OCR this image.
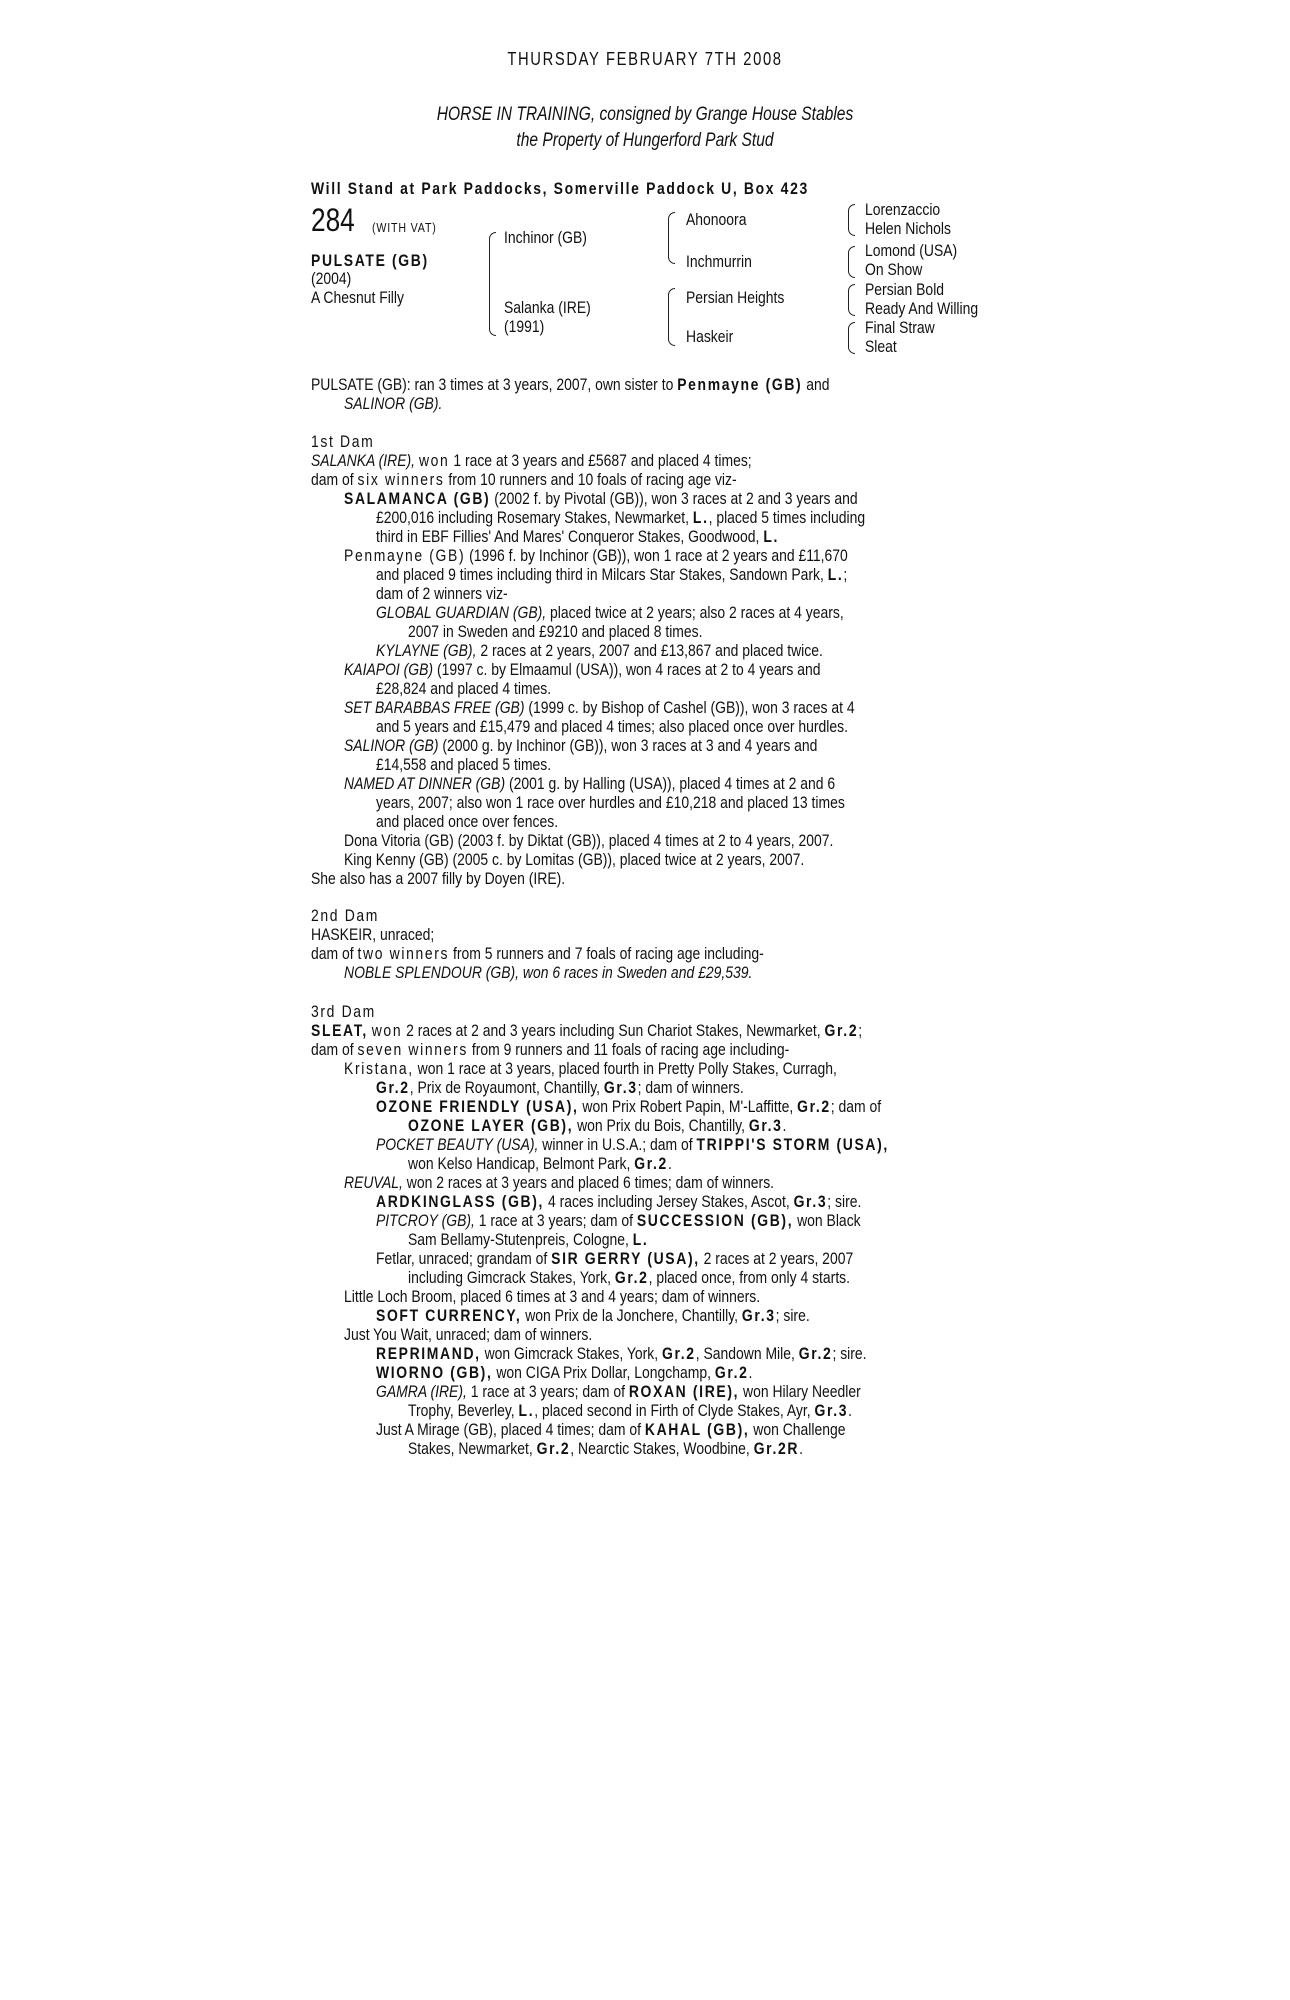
THURSDAY FEBRUARY 7TH 2008
HORSE IN TRAINING, consigned by Grange House Stables
the Property of Hungerford Park Stud
Will Stand at Park Paddocks, Somerville Paddock U, Box 423
284 (WITH VAT)
PULSATE (GB)
(2004)
A Chesnut Filly
Inchinor (GB)
Salanka (IRE)
(1991)
Ahonoora
Inchmurrin
Persian Heights
Haskeir
Lorenzaccio
Helen Nichols
Lomond (USA)
On Show
Persian Bold
Ready And Willing
Final Straw
Sleat
PULSATE (GB): ran 3 times at 3 years, 2007, own sister to Penmayne (GB) and
SALINOR (GB).
1st Dam
SALANKA (IRE), won 1 race at 3 years and £5687 and placed 4 times;
dam of six winners from 10 runners and 10 foals of racing age viz-
SALAMANCA (GB) (2002 f. by Pivotal (GB)), won 3 races at 2 and 3 years and
£200,016 including Rosemary Stakes, Newmarket, L., placed 5 times including
third in EBF Fillies' And Mares' Conqueror Stakes, Goodwood, L.
Penmayne (GB) (1996 f. by Inchinor (GB)), won 1 race at 2 years and £11,670
and placed 9 times including third in Milcars Star Stakes, Sandown Park, L.;
dam of 2 winners viz-
GLOBAL GUARDIAN (GB), placed twice at 2 years; also 2 races at 4 years,
2007 in Sweden and £9210 and placed 8 times.
KYLAYNE (GB), 2 races at 2 years, 2007 and £13,867 and placed twice.
KAIAPOI (GB) (1997 c. by Elmaamul (USA)), won 4 races at 2 to 4 years and
£28,824 and placed 4 times.
SET BARABBAS FREE (GB) (1999 c. by Bishop of Cashel (GB)), won 3 races at 4
and 5 years and £15,479 and placed 4 times; also placed once over hurdles.
SALINOR (GB) (2000 g. by Inchinor (GB)), won 3 races at 3 and 4 years and
£14,558 and placed 5 times.
NAMED AT DINNER (GB) (2001 g. by Halling (USA)), placed 4 times at 2 and 6
years, 2007; also won 1 race over hurdles and £10,218 and placed 13 times
and placed once over fences.
Dona Vitoria (GB) (2003 f. by Diktat (GB)), placed 4 times at 2 to 4 years, 2007.
King Kenny (GB) (2005 c. by Lomitas (GB)), placed twice at 2 years, 2007.
She also has a 2007 filly by Doyen (IRE).
2nd Dam
HASKEIR, unraced;
dam of two winners from 5 runners and 7 foals of racing age including-
NOBLE SPLENDOUR (GB), won 6 races in Sweden and £29,539.
3rd Dam
SLEAT, won 2 races at 2 and 3 years including Sun Chariot Stakes, Newmarket, Gr.2;
dam of seven winners from 9 runners and 11 foals of racing age including-
Kristana, won 1 race at 3 years, placed fourth in Pretty Polly Stakes, Curragh,
Gr.2, Prix de Royaumont, Chantilly, Gr.3; dam of winners.
OZONE FRIENDLY (USA), won Prix Robert Papin, M'-Laffitte, Gr.2; dam of
OZONE LAYER (GB), won Prix du Bois, Chantilly, Gr.3.
POCKET BEAUTY (USA), winner in U.S.A.; dam of TRIPPI'S STORM (USA),
won Kelso Handicap, Belmont Park, Gr.2.
REUVAL, won 2 races at 3 years and placed 6 times; dam of winners.
ARDKINGLASS (GB), 4 races including Jersey Stakes, Ascot, Gr.3; sire.
PITCROY (GB), 1 race at 3 years; dam of SUCCESSION (GB), won Black
Sam Bellamy-Stutenpreis, Cologne, L.
Fetlar, unraced; grandam of SIR GERRY (USA), 2 races at 2 years, 2007
including Gimcrack Stakes, York, Gr.2, placed once, from only 4 starts.
Little Loch Broom, placed 6 times at 3 and 4 years; dam of winners.
SOFT CURRENCY, won Prix de la Jonchere, Chantilly, Gr.3; sire.
Just You Wait, unraced; dam of winners.
REPRIMAND, won Gimcrack Stakes, York, Gr.2, Sandown Mile, Gr.2; sire.
WIORNO (GB), won CIGA Prix Dollar, Longchamp, Gr.2.
GAMRA (IRE), 1 race at 3 years; dam of ROXAN (IRE), won Hilary Needler
Trophy, Beverley, L., placed second in Firth of Clyde Stakes, Ayr, Gr.3.
Just A Mirage (GB), placed 4 times; dam of KAHAL (GB), won Challenge
Stakes, Newmarket, Gr.2, Nearctic Stakes, Woodbine, Gr.2R.
